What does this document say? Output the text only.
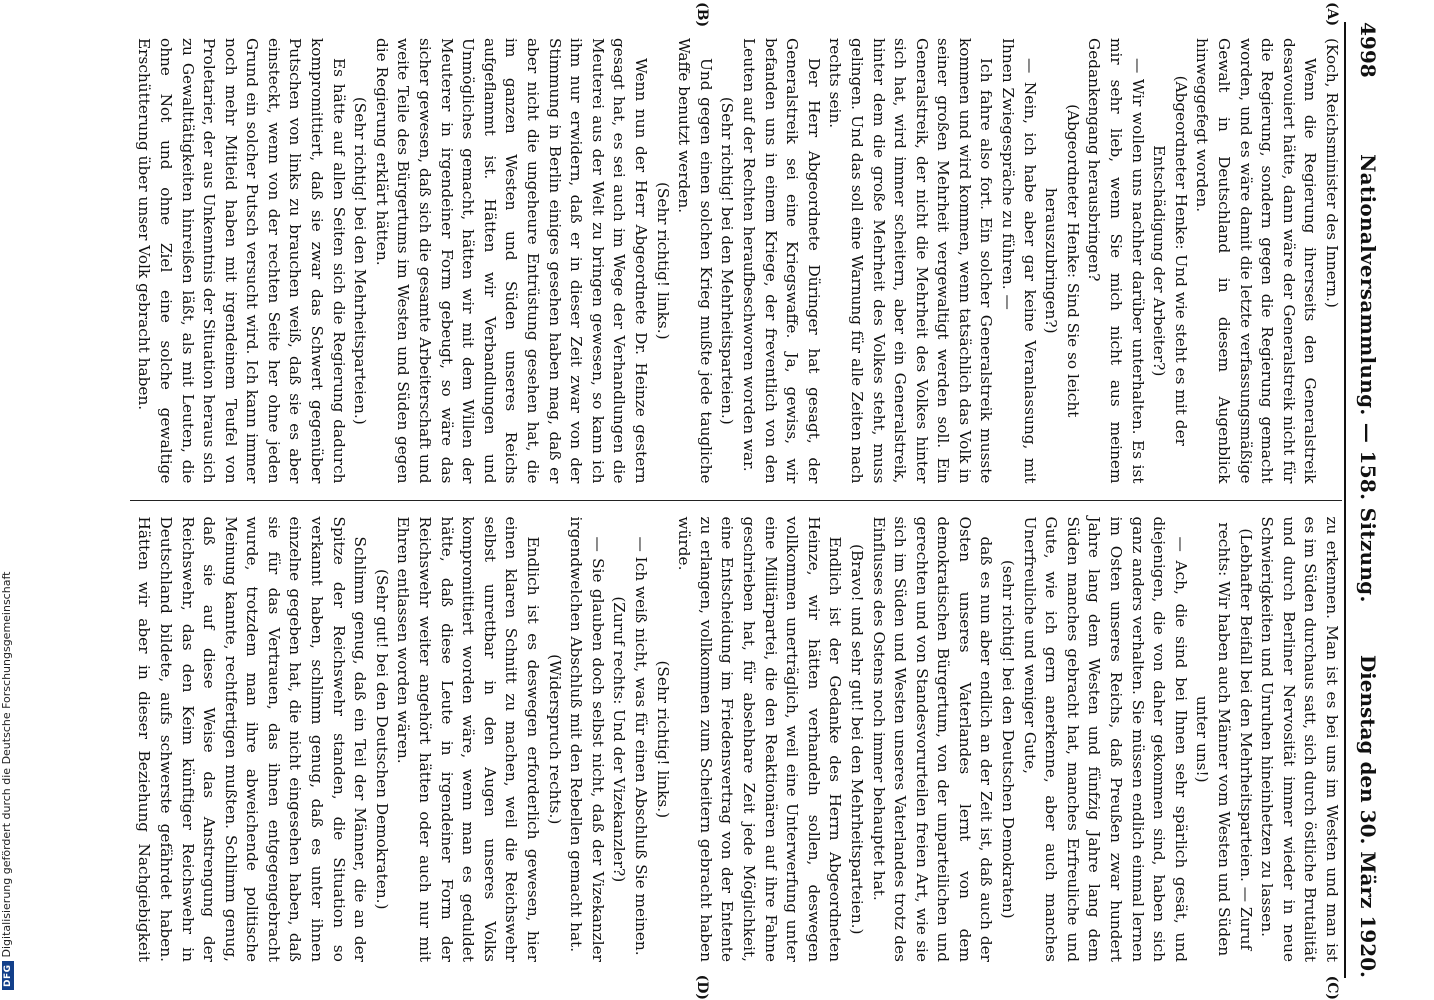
4998
Nationalversammlung. — 158. Sitzung.
Dienstag den 30. März 1920.

(Koch, Reichsminister des Innern.)

Wenn die Regierung ihrerseits den Generalstreik desavouiert hätte, dann wäre der Generalstreik nicht für die Regierung, sondern gegen die Regierung gemacht worden, und es wäre damit die letzte verfassungsmäßige Gewalt in Deutschland in diesem Augenblick hinweggefegt worden.

(Abgeordneter Henke: Und wie steht es mit der Entschädigung der Arbeiter?)

— Wir wollen uns nachher darüber unterhalten. Es ist mir sehr lieb, wenn Sie mich nicht aus meinem Gedankengang herausbringen?

(Abgeordneter Henke: Sind Sie so leicht herauszubringen?)

— Nein, ich habe aber gar keine Veranlassung, mit Ihnen Zwiegespräche zu führen. —

Ich fahre also fort. Ein solcher Generalstreik musste kommen und wird kommen, wenn tatsächlich das Volk in seiner großen Mehrheit vergewaltigt werden soll. Ein Generalstreik, der nicht die Mehrheit des Volkes hinter sich hat, wird immer scheitern, aber ein Generalstreik, hinter dem die große Mehrheit des Volkes steht, muss gelingen. Und das soll eine Warnung für alle Zeiten nach rechts sein.

Der Herr Abgeordnete Düringer hat gesagt, der Generalstreik sei eine Kriegswaffe. Ja, gewiss, wir befanden uns in einem Kriege, der freventlich von den Leuten auf der Rechten heraufbeschworen worden war.

(Sehr richtig! bei den Mehrheitsparteien.)

Und gegen einen solchen Krieg mußte jede taugliche Waffe benutzt werden.

(Sehr richtig! links.)

Wenn nun der Herr Abgeordnete Dr. Heinze gestern gesagt hat, es sei auch im Wege der Verhandlungen die Meuterei aus der Welt zu bringen gewesen, so kann ich ihm nur erwidern, daß er in dieser Zeit zwar von der Stimmung in Berlin einiges gesehen haben mag, daß er aber nicht die ungeheure Entrüstung gesehen hat, die im ganzen Westen und Süden unseres Reichs aufgeflammt ist. Hätten wir Verbandlungen und Unmögliches gemacht, hätten wir mit dem Willen der Meuterer in irgendeiner Form gebeugt, so wäre das sicher gewesen, daß sich die gesamte Arbeiterschaft und weite Teile des Bürgertums im Westen und Süden gegen die Regierung erklärt hätten.

(Sehr richtig! bei den Mehrheitsparteien.)

Es hätte auf allen Seiten sich die Regierung dadurch kompromittiert, daß sie zwar das Schwert gegenüber Putschen von links zu brauchen weiß, daß sie es aber einsteckt, wenn von der rechten Seite her ohne jeden Grund ein solcher Putsch versucht wird. Ich kann immer noch mehr Mitleid haben mit irgendeinem Teufel von Proletarier, der aus Unkenntnis der Situation heraus sich zu Gewalttätigkeiten hinreißen läßt, als mit Leuten, die ohne Not und ohne Ziel eine solche gewaltige Erschütterung über unser Volk gebracht haben.

zu erkennen. Man ist es bei uns im Westen und man ist es im Süden durchaus satt, sich durch östliche Brutalität und durch Berliner Nervosität immer wieder in neue Schwierigkeiten und Unruhen hineinhetzen zu lassen.

(Lebhafter Beifall bei den Mehrheitsparteien. — Zuruf rechts: Wir haben auch Männer vom Westen und Süden unter uns!)

— Ach, die sind bei Ihnen sehr spärlich gesät, und diejenigen, die von daher gekommen sind, haben sich ganz anders verhalten. Sie müssen endlich einmal lernen im Osten unseres Reichs, daß Preußen zwar hundert Jahre lang dem Westen und fünfzig Jahre lang dem Süden manches gebracht hat, manches Erfreuliche und Gute, wie ich gern anerkenne, aber auch manches Unerfreuliche und weniger Gute,

(sehr richtig! bei den Deutschen Demokraten)

daß es nun aber endlich an der Zeit ist, daß auch der Osten unseres Vaterlandes lernt von dem demokratischen Bürgertum, von der unparteilichen und gerechten und von Standesvorurteilen freien Art, wie sie sich im Süden und Westen unseres Vaterlandes trotz des Einflusses des Ostens noch immer behauptet hat.

(Bravo! und sehr gut! bei den Mehrheitsparteien.)

Endlich ist der Gedanke des Herrn Abgeordneten Heinze, wir hätten verhandeln sollen, deswegen vollkommen unerträglich, weil eine Unterwerfung unter eine Militärpartei, die den Reaktionären auf ihre Fahne geschrieben hat, für absehbare Zeit jede Möglichkeit, eine Entscheidung im Friedensvertrag von der Entente zu erlangen, vollkommen zum Scheitern gebracht haben würde.

(Sehr richtig! links.)

— Ich weiß nicht, was für einen Abschluß Sie meinen.

(Zuruf rechts: Und der Vizekanzler?)

— Sie glauben doch selbst nicht, daß der Vizekanzler irgendwelchen Abschluß mit den Rebellen gemacht hat.

(Widerspruch rechts.)

Endlich ist es deswegen erforderlich gewesen, hier einen klaren Schnitt zu machen, weil die Reichswehr selbst unrettbar in den Augen unseres Volks kompromittiert worden wäre, wenn man es geduldet hätte, daß diese Leute in irgendeiner Form der Reichswehr weiter angehört hätten oder auch nur mit Ehren entlassen worden wären.

(Sehr gut! bei den Deutschen Demokraten.)

Schlimm genug, daß ein Teil der Männer, die an der Spitze der Reichswehr standen, die Situation so verkannt haben, schlimm genug, daß es unter ihnen einzelne gegeben hat, die nicht eingesehen haben, daß sie für das Vertrauen, das ihnen entgegengebracht wurde, trotzdem man ihre abweichende politische Meinung kannte, rechtfertigen mußten. Schlimm genug, daß sie auf diese Weise das Anstrengung der Reichswehr, das den Keim künftiger Reichswehr in Deutschland bildete, aufs schwerste gefährdet haben. Hätten wir aber in dieser Beziehung Nachgiebigkeit

(A)
(B)
(C)
(D)
DFGDigitalisierung gefördert durch die Deutsche Forschungsgemeinschaft
